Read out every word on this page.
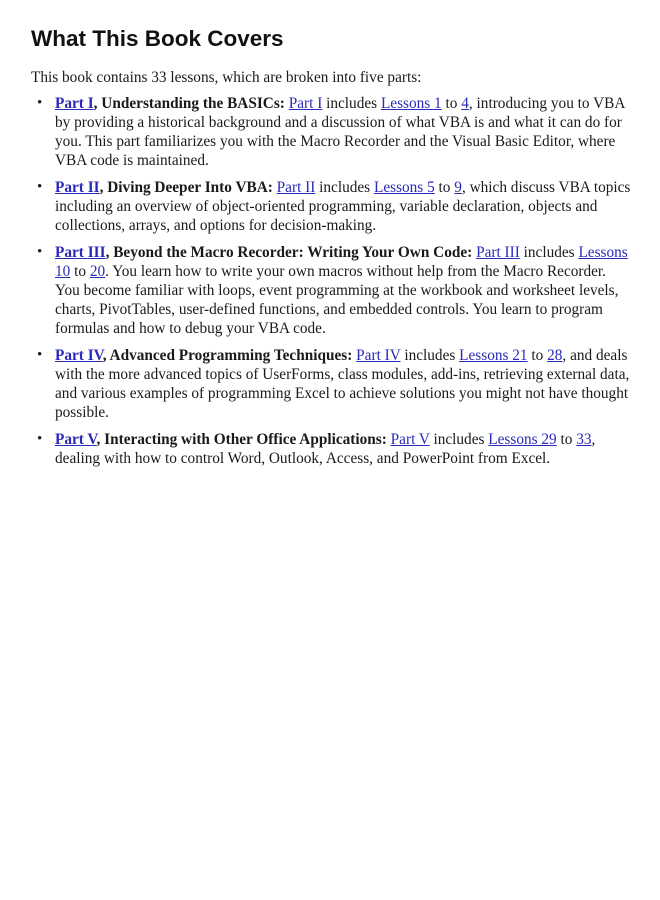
What This Book Covers

This book contains 33 lessons, which are broken into five parts:

• Part I, Understanding the BASICs: Part I includes Lessons 1 to 4, introducing you to VBA by providing a historical background and a discussion of what VBA is and what it can do for you. This part familiarizes you with the Macro Recorder and the Visual Basic Editor, where VBA code is maintained.
• Part II, Diving Deeper Into VBA: Part II includes Lessons 5 to 9, which discuss VBA topics including an overview of object-oriented programming, variable declaration, objects and collections, arrays, and options for decision-making.
• Part III, Beyond the Macro Recorder: Writing Your Own Code: Part III includes Lessons 10 to 20. You learn how to write your own macros without help from the Macro Recorder. You become familiar with loops, event programming at the workbook and worksheet levels, charts, PivotTables, user-defined functions, and embedded controls. You learn to program formulas and how to debug your VBA code.
• Part IV, Advanced Programming Techniques: Part IV includes Lessons 21 to 28, and deals with the more advanced topics of UserForms, class modules, add-ins, retrieving external data, and various examples of programming Excel to achieve solutions you might not have thought possible.
• Part V, Interacting with Other Office Applications: Part V includes Lessons 29 to 33, dealing with how to control Word, Outlook, Access, and PowerPoint from Excel.
